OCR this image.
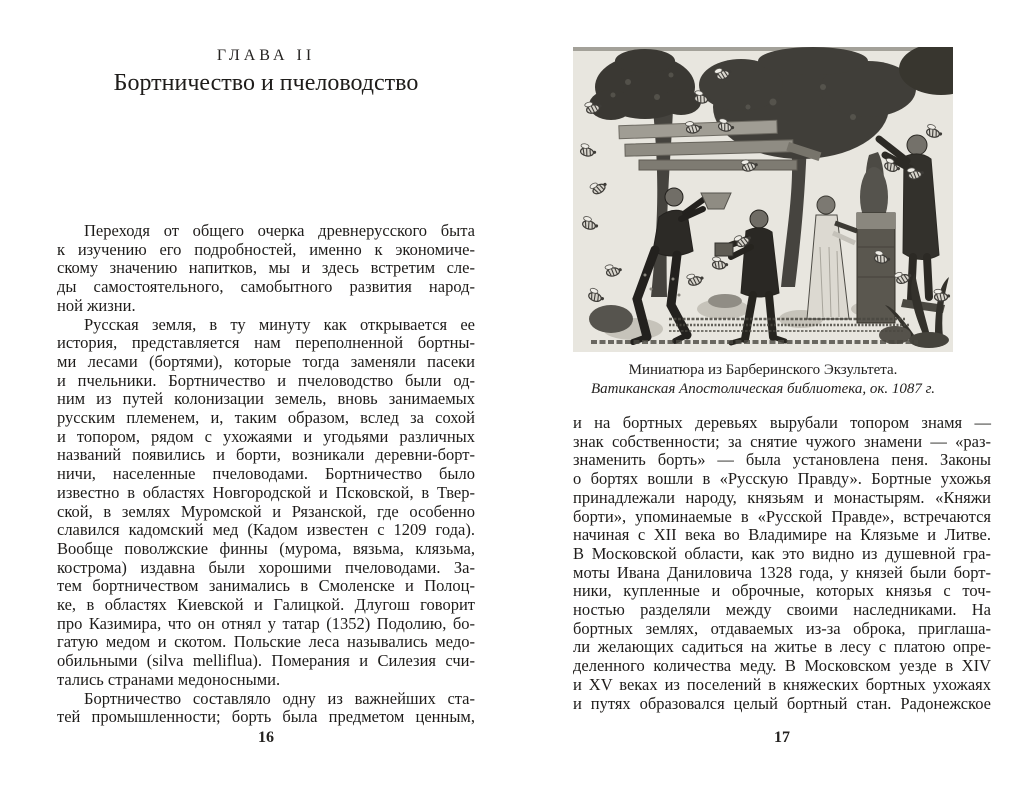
ГЛАВА II
Бортничество и пчеловодство
Переходя от общего очерка древнерусского быта
к изучению его подробностей, именно к экономиче-
скому значению напитков, мы и здесь встретим сле-
ды самостоятельного, самобытного развития народ-
ной жизни.
Русская земля, в ту минуту как открывается ее
история, представляется нам переполненной бортны-
ми лесами (бортями), которые тогда заменяли пасеки
и пчельники. Бортничество и пчеловодство были од-
ним из путей колонизации земель, вновь занимаемых
русским племенем, и, таким образом, вслед за сохой
и топором, рядом с ухожаями и угодьями различных
названий появились и борти, возникали деревни-борт-
ничи, населенные пчеловодами. Бортничество было
известно в областях Новгородской и Псковской, в Твер-
ской, в землях Муромской и Рязанской, где особенно
славился кадомский мед (Кадом известен с 1209 года).
Вообще поволжские финны (мурома, вязьма, клязьма,
кострома) издавна были хорошими пчеловодами. За-
тем бортничеством занимались в Смоленске и Полоц-
ке, в областях Киевской и Галицкой. Длугош говорит
про Казимира, что он отнял у татар (1352) Подолию, бо-
гатую медом и скотом. Польские леса назывались медо-
обильными (silva melliflua). Померания и Силезия счи-
тались странами медоносными.
Бортничество составляло одну из важнейших ста-
тей промышленности; борть была предметом ценным,
16
Миниатюра из Барберинского Экзультета.
Ватиканская Апостолическая библиотека, ок. 1087 г.
и на бортных деревьях вырубали топором знамя —
знак собственности; за снятие чужого знамени — «раз-
знаменить борть» — была установлена пеня. Законы
о бортях вошли в «Русскую Правду». Бортные ухожья
принадлежали народу, князьям и монастырям. «Княжи
борти», упоминаемые в «Русской Правде», встречаются
начиная с XII века во Владимире на Клязьме и Литве.
В Московской области, как это видно из душевной гра-
моты Ивана Даниловича 1328 года, у князей были борт-
ники, купленные и оброчные, которых князья с точ-
ностью разделяли между своими наследниками. На
бортных землях, отдаваемых из-за оброка, приглаша-
ли желающих садиться на житье в лесу с платою опре-
деленного количества меду. В Московском уезде в XIV
и XV веках из поселений в княжеских бортных ухожаях
и путях образовался целый бортный стан. Радонежское
17
